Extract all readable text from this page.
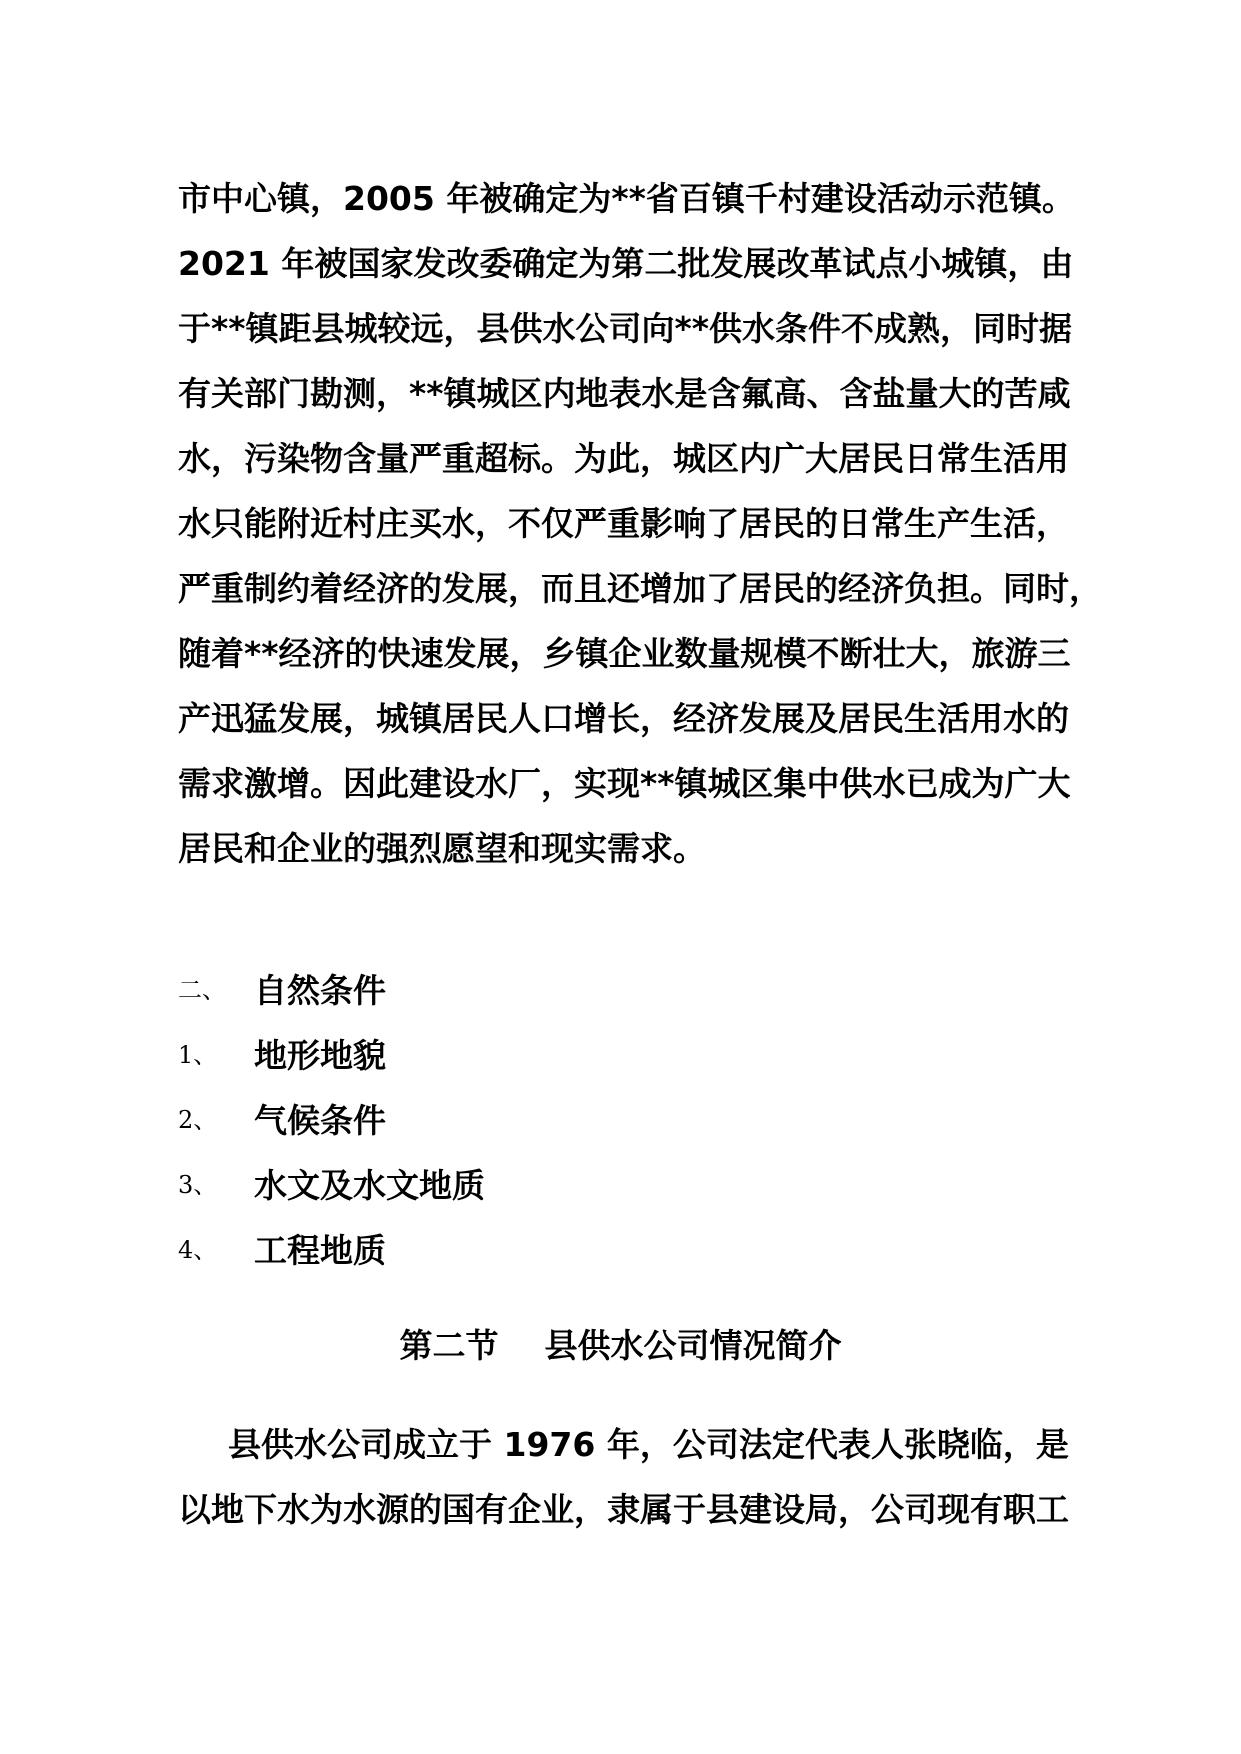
市中心镇，2005 年被确定为**省百镇千村建设活动示范镇。
2021 年被国家发改委确定为第二批发展改革试点小城镇，由
于**镇距县城较远，县供水公司向**供水条件不成熟，同时据
有关部门勘测，**镇城区内地表水是含氟高、含盐量大的苦咸
水，污染物含量严重超标。为此，城区内广大居民日常生活用
水只能附近村庄买水，不仅严重影响了居民的日常生产生活，
严重制约着经济的发展，而且还增加了居民的经济负担。同时，
随着**经济的快速发展，乡镇企业数量规模不断壮大，旅游三
产迅猛发展，城镇居民人口增长，经济发展及居民生活用水的
需求激增。因此建设水厂，实现**镇城区集中供水已成为广大
居民和企业的强烈愿望和现实需求。
二、 自然条件
1、 地形地貌
2、 气候条件
3、 水文及水文地质
4、 工程地质
第二节    县供水公司情况简介
县供水公司成立于 1976 年，公司法定代表人张晓临，是
以地下水为水源的国有企业，隶属于县建设局，公司现有职工
